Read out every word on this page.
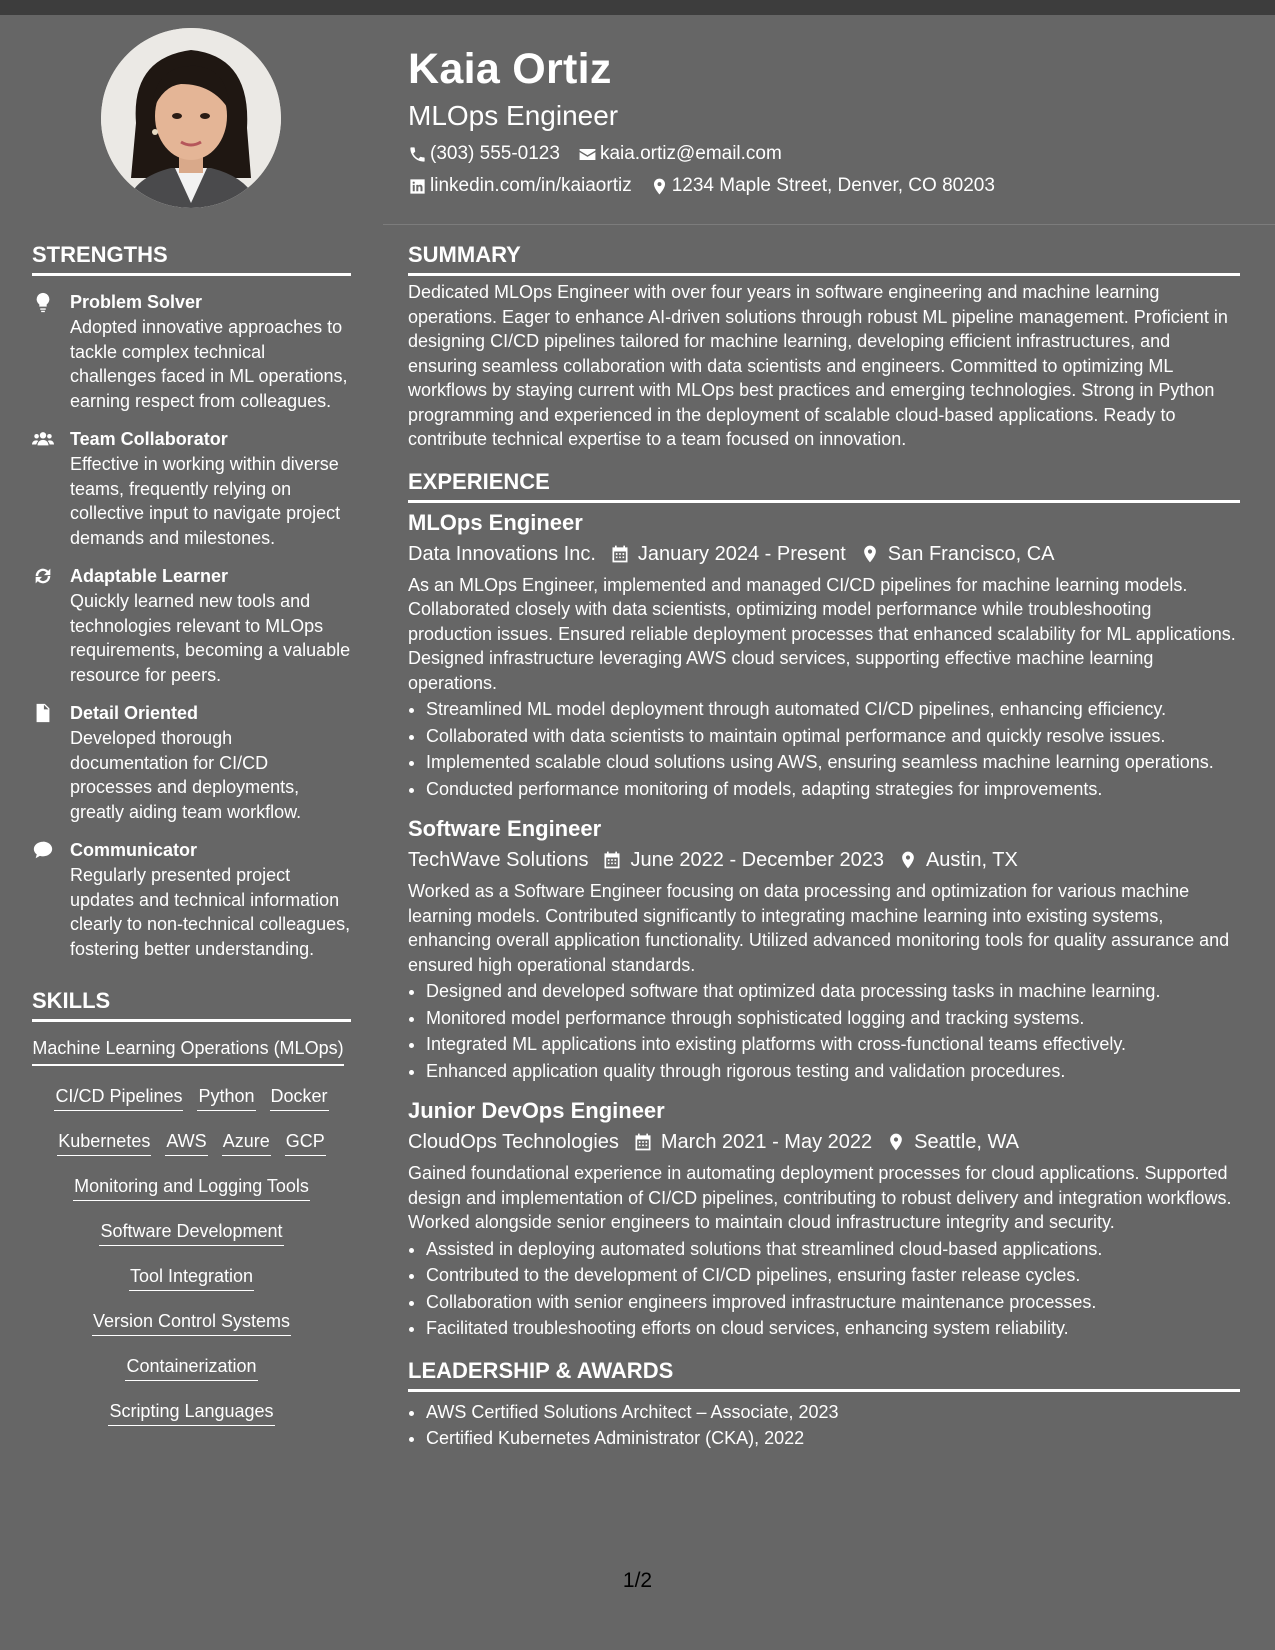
Kaia Ortiz
MLOps Engineer
(303) 555-0123 kaia.ortiz@email.com
linkedin.com/in/kaiaortiz 1234 Maple Street, Denver, CO 80203
STRENGTHS
Problem Solver
Adopted innovative approaches to tackle complex technical challenges faced in ML operations, earning respect from colleagues.
Team Collaborator
Effective in working within diverse teams, frequently relying on collective input to navigate project demands and milestones.
Adaptable Learner
Quickly learned new tools and technologies relevant to MLOps requirements, becoming a valuable resource for peers.
Detail Oriented
Developed thorough documentation for CI/CD processes and deployments, greatly aiding team workflow.
Communicator
Regularly presented project updates and technical information clearly to non-technical colleagues, fostering better understanding.
SKILLS
Machine Learning Operations (MLOps)
CI/CD Pipelines Python Docker
Kubernetes AWS Azure GCP
Monitoring and Logging Tools
Software Development
Tool Integration
Version Control Systems
Containerization
Scripting Languages
SUMMARY

Dedicated MLOps Engineer with over four years in software engineering and machine learning operations. Eager to enhance AI-driven solutions through robust ML pipeline management. Proficient in designing CI/CD pipelines tailored for machine learning, developing efficient infrastructures, and ensuring seamless collaboration with data scientists and engineers. Committed to optimizing ML workflows by staying current with MLOps best practices and emerging technologies. Strong in Python programming and experienced in the deployment of scalable cloud-based applications. Ready to contribute technical expertise to a team focused on innovation.

EXPERIENCE
MLOps Engineer
Data Innovations Inc. January 2024 - Present San Francisco, CA

As an MLOps Engineer, implemented and managed CI/CD pipelines for machine learning models. Collaborated closely with data scientists, optimizing model performance while troubleshooting production issues. Ensured reliable deployment processes that enhanced scalability for ML applications. Designed infrastructure leveraging AWS cloud services, supporting effective machine learning operations.

• Streamlined ML model deployment through automated CI/CD pipelines, enhancing efficiency.
• Collaborated with data scientists to maintain optimal performance and quickly resolve issues.
• Implemented scalable cloud solutions using AWS, ensuring seamless machine learning operations.
• Conducted performance monitoring of models, adapting strategies for improvements.
Software Engineer
TechWave Solutions June 2022 - December 2023 Austin, TX

Worked as a Software Engineer focusing on data processing and optimization for various machine learning models. Contributed significantly to integrating machine learning into existing systems, enhancing overall application functionality. Utilized advanced monitoring tools for quality assurance and ensured high operational standards.

• Designed and developed software that optimized data processing tasks in machine learning.
• Monitored model performance through sophisticated logging and tracking systems.
• Integrated ML applications into existing platforms with cross-functional teams effectively.
• Enhanced application quality through rigorous testing and validation procedures.
Junior DevOps Engineer
CloudOps Technologies March 2021 - May 2022 Seattle, WA

Gained foundational experience in automating deployment processes for cloud applications. Supported design and implementation of CI/CD pipelines, contributing to robust delivery and integration workflows. Worked alongside senior engineers to maintain cloud infrastructure integrity and security.

• Assisted in deploying automated solutions that streamlined cloud-based applications.
• Contributed to the development of CI/CD pipelines, ensuring faster release cycles.
• Collaboration with senior engineers improved infrastructure maintenance processes.
• Facilitated troubleshooting efforts on cloud services, enhancing system reliability.
LEADERSHIP & AWARDS
• AWS Certified Solutions Architect – Associate, 2023
• Certified Kubernetes Administrator (CKA), 2022
1/2
